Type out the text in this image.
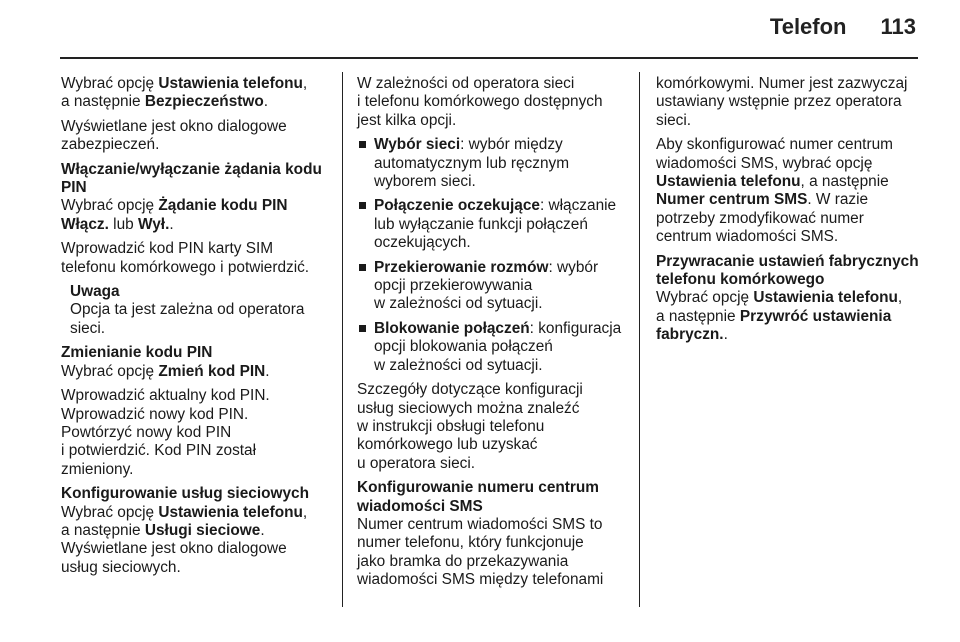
Telefon 113

Wybrać opcję Ustawienia telefonu,
a następnie Bezpieczeństwo.

Wyświetlane jest okno dialogowe
zabezpieczeń.

Włączanie/wyłączanie żądania kodu
PIN

Wybrać opcję Żądanie kodu PIN
Włącz. lub Wył..

Wprowadzić kod PIN karty SIM
telefonu komórkowego i potwierdzić.

Uwaga
Opcja ta jest zależna od operatora
sieci.
Zmienianie kodu PIN

Wybrać opcję Zmień kod PIN.

Wprowadzić aktualny kod PIN.
Wprowadzić nowy kod PIN.
Powtórzyć nowy kod PIN
i potwierdzić. Kod PIN został
zmieniony.

Konfigurowanie usług sieciowych

Wybrać opcję Ustawienia telefonu,
a następnie Usługi sieciowe.

Wyświetlane jest okno dialogowe
usług sieciowych.

W zależności od operatora sieci
i telefonu komórkowego dostępnych
jest kilka opcji.

Wybór sieci: wybór między
automatycznym lub ręcznym
wyborem sieci.
Połączenie oczekujące: włączanie
lub wyłączanie funkcji połączeń
oczekujących.
Przekierowanie rozmów: wybór
opcji przekierowywania
w zależności od sytuacji.
Blokowanie połączeń: konfiguracja
opcji blokowania połączeń
w zależności od sytuacji.

Szczegóły dotyczące konfiguracji
usług sieciowych można znaleźć
w instrukcji obsługi telefonu
komórkowego lub uzyskać
u operatora sieci.

Konfigurowanie numeru centrum
wiadomości SMS

Numer centrum wiadomości SMS to
numer telefonu, który funkcjonuje
jako bramka do przekazywania
wiadomości SMS między telefonami

komórkowymi. Numer jest zazwyczaj
ustawiany wstępnie przez operatora
sieci.

Aby skonfigurować numer centrum
wiadomości SMS, wybrać opcję
Ustawienia telefonu, a następnie
Numer centrum SMS. W razie
potrzeby zmodyfikować numer
centrum wiadomości SMS.

Przywracanie ustawień fabrycznych
telefonu komórkowego

Wybrać opcję Ustawienia telefonu,
a następnie Przywróć ustawienia
fabryczn..
